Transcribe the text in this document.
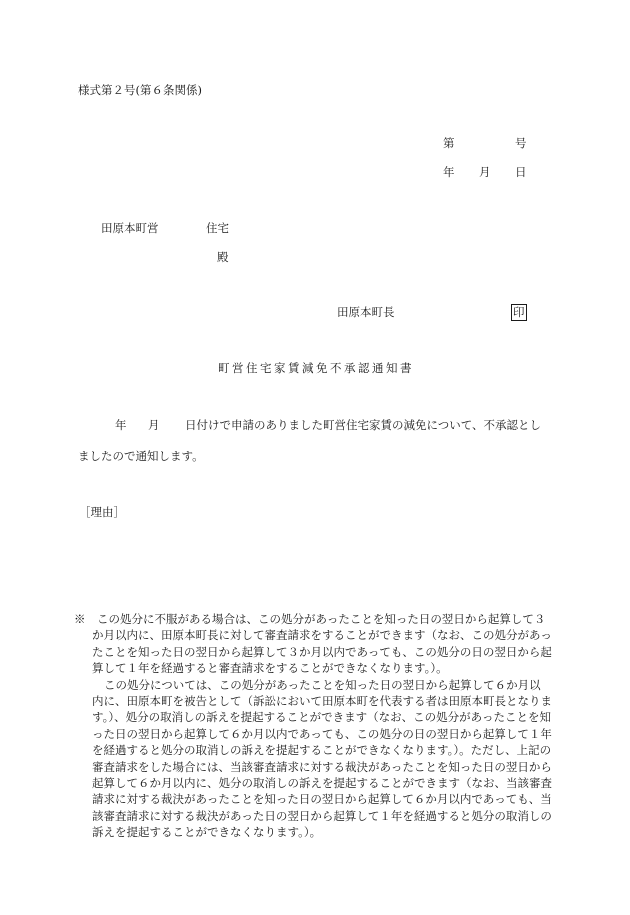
様式第２号(第６条関係)
第	号
年 月 日
田原本町営	住宅
殿
田原本町長	印
町営住宅家賃減免不承認通知書
年 月 日付けで申請のありました町営住宅家賃の減免について、不承認とし
ましたので通知します。
［理由］

※　この処分に不服がある場合は、この処分があったことを知った日の翌日から起算して３か月以内に、田原本町長に対して審査請求をすることができます（なお、この処分があったことを知った日の翌日から起算して３か月以内であっても、この処分の日の翌日から起算して１年を経過すると審査請求をすることができなくなります。）。

この処分については、この処分があったことを知った日の翌日から起算して６か月以内に、田原本町を被告として（訴訟において田原本町を代表する者は田原本町長となります。）、処分の取消しの訴えを提起することができます（なお、この処分があったことを知った日の翌日から起算して６か月以内であっても、この処分の日の翌日から起算して１年を経過すると処分の取消しの訴えを提起することができなくなります。）。ただし、上記の審査請求をした場合には、当該審査請求に対する裁決があったことを知った日の翌日から起算して６か月以内に、処分の取消しの訴えを提起することができます（なお、当該審査請求に対する裁決があったことを知った日の翌日から起算して６か月以内であっても、当該審査請求に対する裁決があった日の翌日から起算して１年を経過すると処分の取消しの訴えを提起することができなくなります。）。
